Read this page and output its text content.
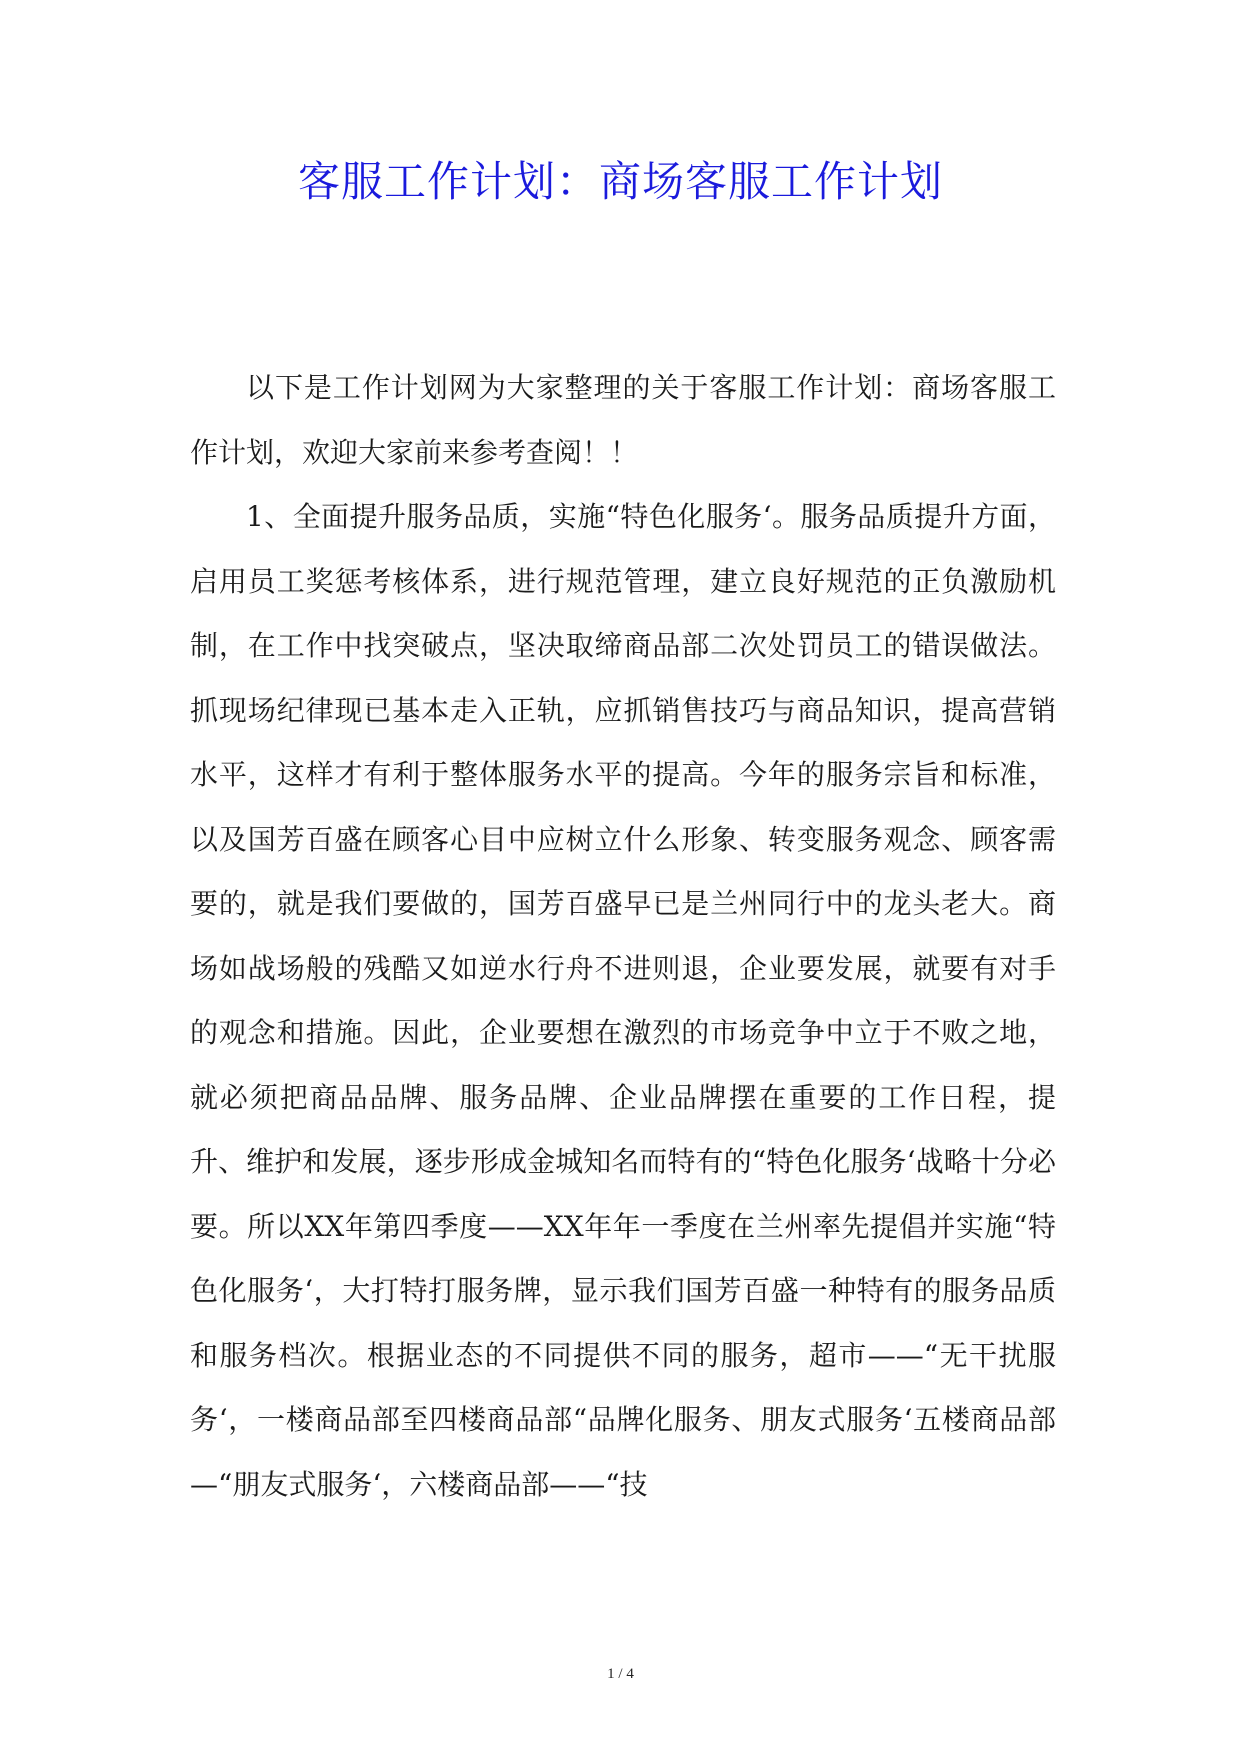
客服工作计划：商场客服工作计划

以下是工作计划网为大家整理的关于客服工作计划：商场客服工作计划，欢迎大家前来参考查阅！！

1、全面提升服务品质，实施“特色化服务‘。服务品质提升方面，启用员工奖惩考核体系，进行规范管理，建立良好规范的正负激励机制，在工作中找突破点，坚决取缔商品部二次处罚员工的错误做法。抓现场纪律现已基本走入正轨，应抓销售技巧与商品知识，提高营销水平，这样才有利于整体服务水平的提高。今年的服务宗旨和标准，以及国芳百盛在顾客心目中应树立什么形象、转变服务观念、顾客需要的，就是我们要做的，国芳百盛早已是兰州同行中的龙头老大。商场如战场般的残酷又如逆水行舟不进则退，企业要发展，就要有对手的观念和措施。因此，企业要想在激烈的市场竞争中立于不败之地，就必须把商品品牌、服务品牌、企业品牌摆在重要的工作日程，提升、维护和发展，逐步形成金城知名而特有的“特色化服务‘战略十分必要。所以XX年第四季度——XX年年一季度在兰州率先提倡并实施“特色化服务‘，大打特打服务牌，显示我们国芳百盛一种特有的服务品质和服务档次。根据业态的不同提供不同的服务，超市——“无干扰服务‘，一楼商品部至四楼商品部“品牌化服务、朋友式服务‘五楼商品部—“朋友式服务‘，六楼商品部——“技

1 / 4
